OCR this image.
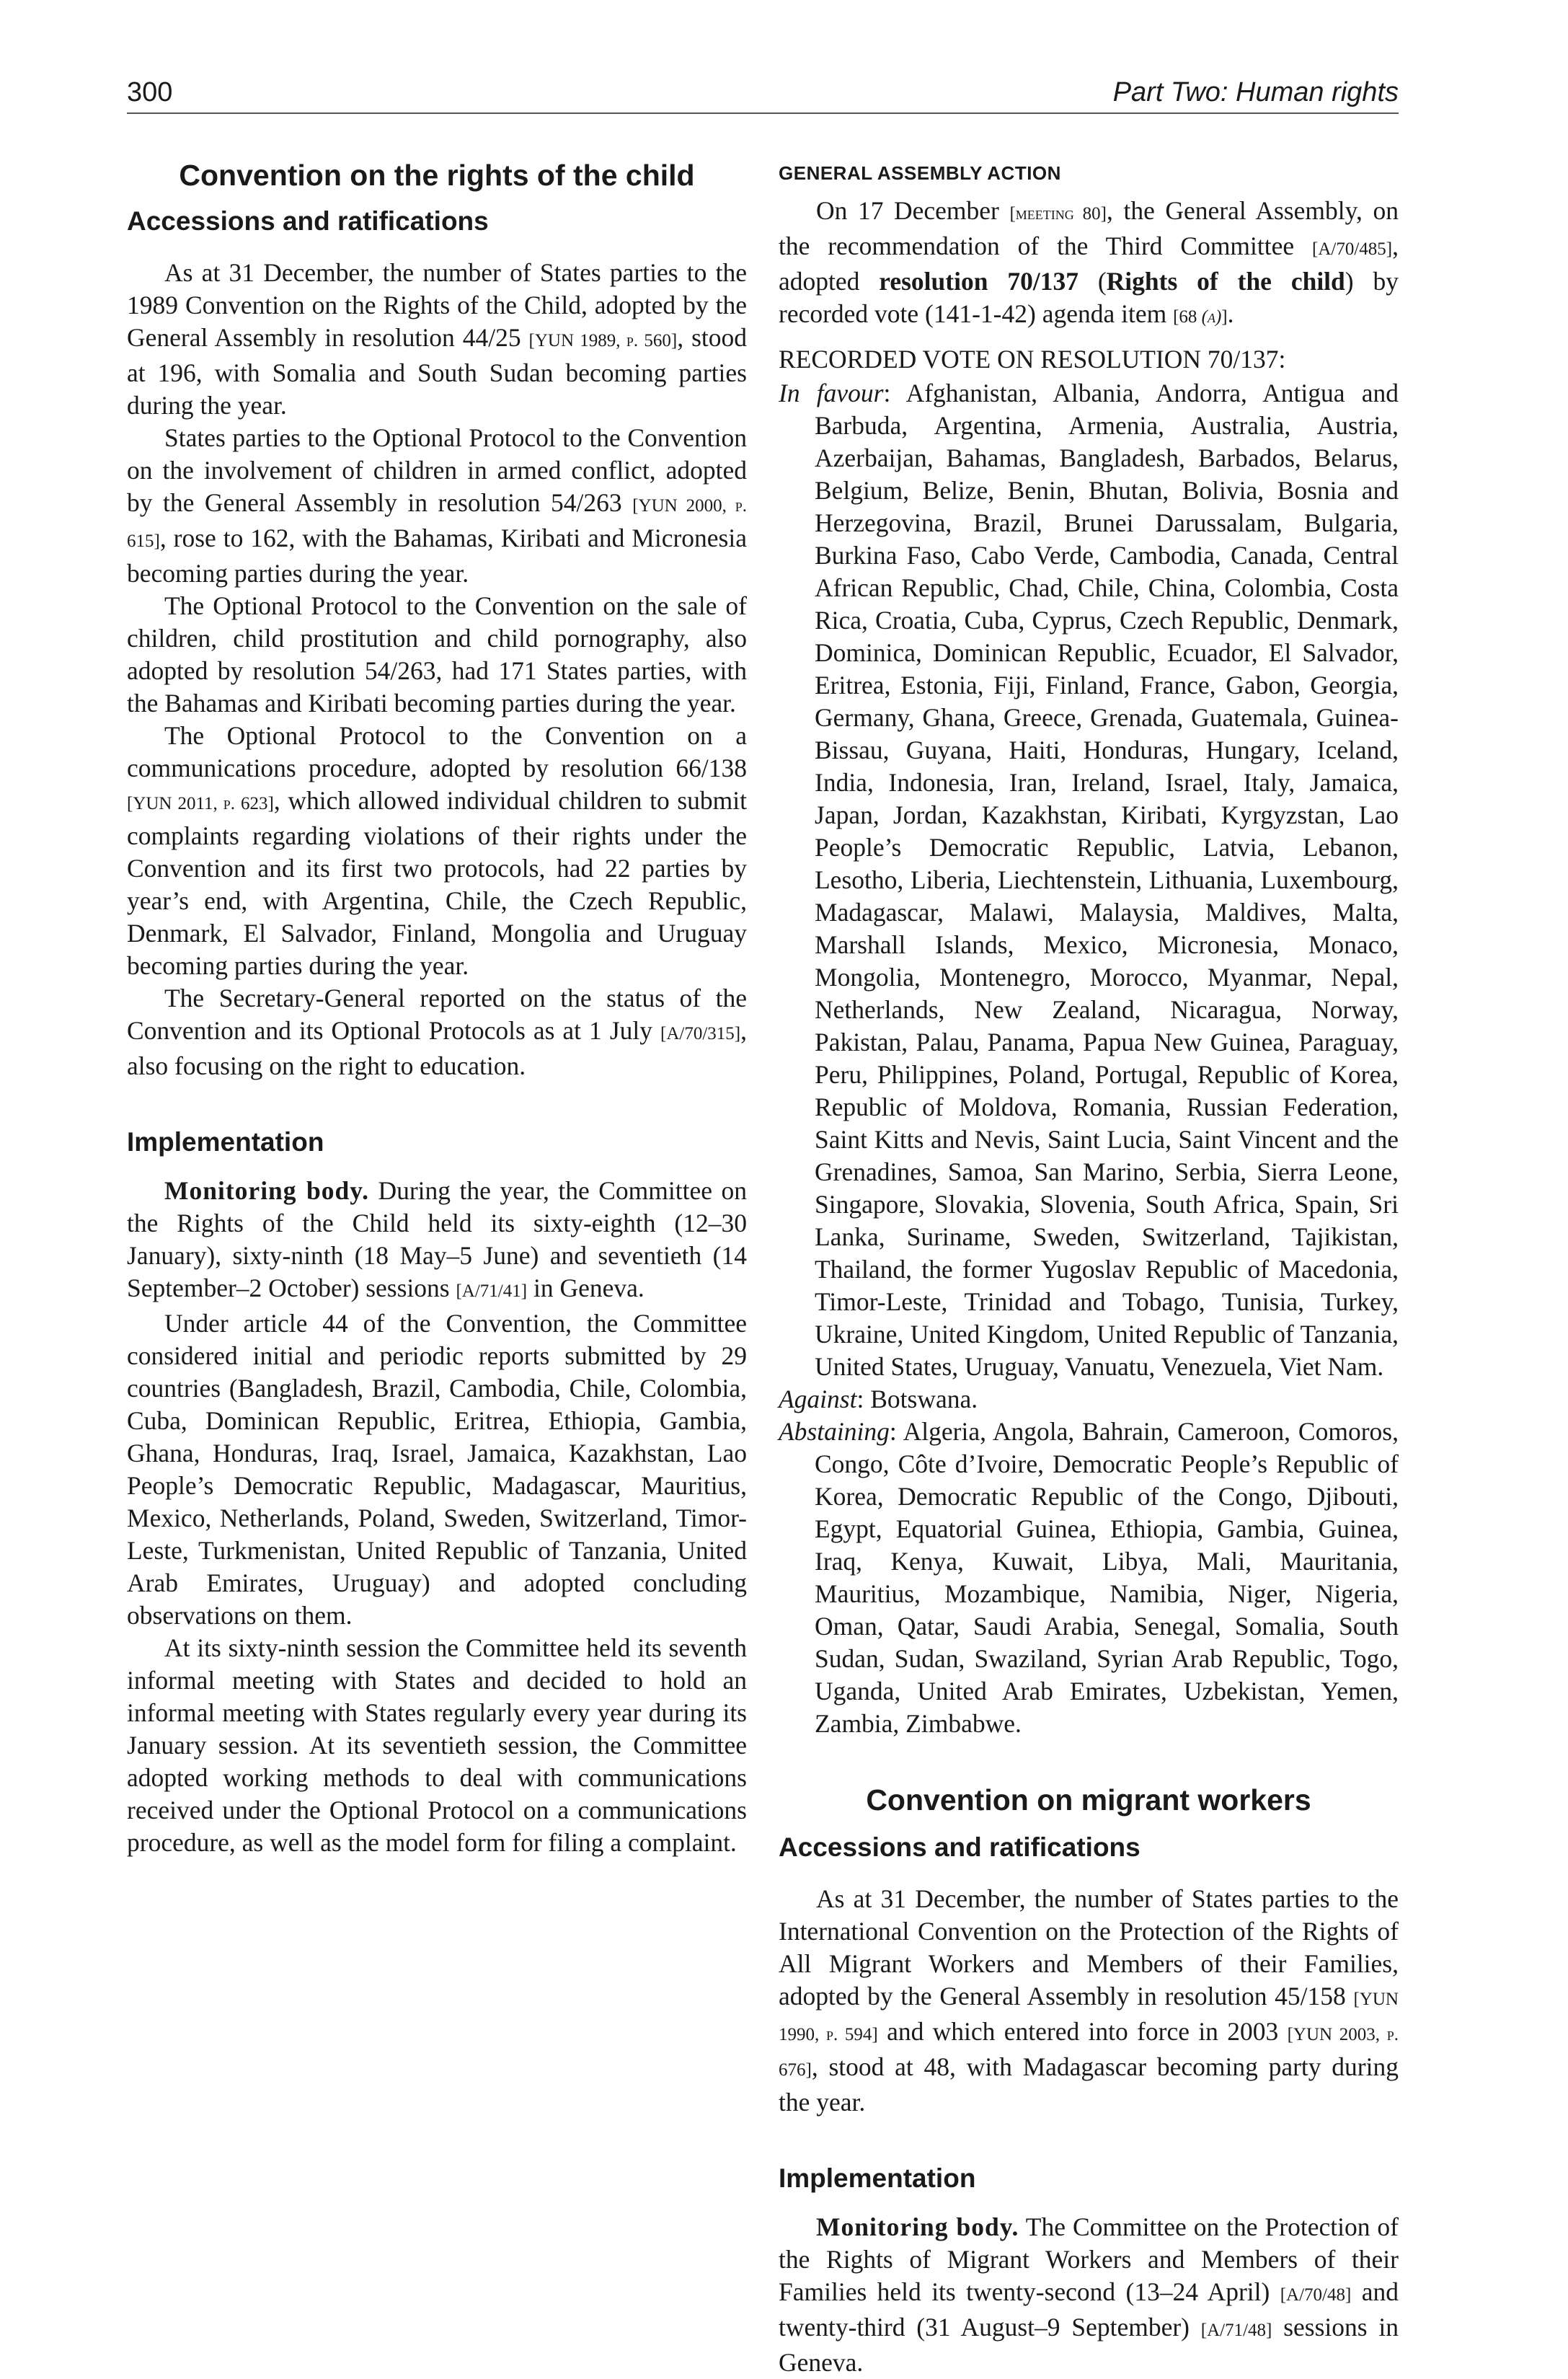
300	Part Two: Human rights
Convention on the rights of the child
Accessions and ratifications

As at 31 December, the number of States parties to the 1989 Convention on the Rights of the Child, adopted by the General Assembly in resolution 44/25 [YUN 1989, p. 560], stood at 196, with Somalia and South Sudan becoming parties during the year.

States parties to the Optional Protocol to the Convention on the involvement of children in armed conflict, adopted by the General Assembly in resolution 54/263 [YUN 2000, p. 615], rose to 162, with the Bahamas, Kiribati and Micronesia becoming parties during the year.

The Optional Protocol to the Convention on the sale of children, child prostitution and child pornography, also adopted by resolution 54/263, had 171 States parties, with the Bahamas and Kiribati becoming parties during the year.

The Optional Protocol to the Convention on a communications procedure, adopted by resolution 66/138 [YUN 2011, p. 623], which allowed individual children to submit complaints regarding violations of their rights under the Convention and its first two protocols, had 22 parties by year’s end, with Argentina, Chile, the Czech Republic, Denmark, El Salvador, Finland, Mongolia and Uruguay becoming parties during the year.

The Secretary-General reported on the status of the Convention and its Optional Protocols as at 1 July [A/70/315], also focusing on the right to education.

Implementation

Monitoring body. During the year, the Committee on the Rights of the Child held its sixty-eighth (12–30 January), sixty-ninth (18 May–5 June) and seventieth (14 September–2 October) sessions [A/71/41] in Geneva.

Under article 44 of the Convention, the Committee considered initial and periodic reports submitted by 29 countries (Bangladesh, Brazil, Cambodia, Chile, Colombia, Cuba, Dominican Republic, Eritrea, Ethiopia, Gambia, Ghana, Honduras, Iraq, Israel, Jamaica, Kazakhstan, Lao People’s Democratic Republic, Madagascar, Mauritius, Mexico, Netherlands, Poland, Sweden, Switzerland, Timor-Leste, Turkmenistan, United Republic of Tanzania, United Arab Emirates, Uruguay) and adopted concluding observations on them.

At its sixty-ninth session the Committee held its seventh informal meeting with States and decided to hold an informal meeting with States regularly every year during its January session. At its seventieth session, the Committee adopted working methods to deal with communications received under the Optional Protocol on a communications procedure, as well as the model form for filing a complaint.

GENERAL ASSEMBLY ACTION

On 17 December [meeting 80], the General Assembly, on the recommendation of the Third Committee [A/70/485], adopted resolution 70/137 (Rights of the child) by recorded vote (141-1-42) agenda item [68 (a)].

RECORDED VOTE ON RESOLUTION 70/137:

In favour: Afghanistan, Albania, Andorra, Antigua and Barbuda, Argentina, Armenia, Australia, Austria, Azerbaijan, Bahamas, Bangladesh, Barbados, Belarus, Belgium, Belize, Benin, Bhutan, Bolivia, Bosnia and Herzegovina, Brazil, Brunei Darussalam, Bulgaria, Burkina Faso, Cabo Verde, Cambodia, Canada, Central African Republic, Chad, Chile, China, Colombia, Costa Rica, Croatia, Cuba, Cyprus, Czech Republic, Denmark, Dominica, Dominican Republic, Ecuador, El Salvador, Eritrea, Estonia, Fiji, Finland, France, Gabon, Georgia, Germany, Ghana, Greece, Grenada, Guatemala, Guinea-Bissau, Guyana, Haiti, Honduras, Hungary, Iceland, India, Indonesia, Iran, Ireland, Israel, Italy, Jamaica, Japan, Jordan, Kazakhstan, Kiribati, Kyrgyzstan, Lao People’s Democratic Republic, Latvia, Lebanon, Lesotho, Liberia, Liechtenstein, Lithuania, Luxembourg, Madagascar, Malawi, Malaysia, Maldives, Malta, Marshall Islands, Mexico, Micronesia, Monaco, Mongolia, Montenegro, Morocco, Myanmar, Nepal, Netherlands, New Zealand, Nicaragua, Norway, Pakistan, Palau, Panama, Papua New Guinea, Paraguay, Peru, Philippines, Poland, Portugal, Republic of Korea, Republic of Moldova, Romania, Russian Federation, Saint Kitts and Nevis, Saint Lucia, Saint Vincent and the Grenadines, Samoa, San Marino, Serbia, Sierra Leone, Singapore, Slovakia, Slovenia, South Africa, Spain, Sri Lanka, Suriname, Sweden, Switzerland, Tajikistan, Thailand, the former Yugoslav Republic of Macedonia, Timor-Leste, Trinidad and Tobago, Tunisia, Turkey, Ukraine, United Kingdom, United Republic of Tanzania, United States, Uruguay, Vanuatu, Venezuela, Viet Nam.

Against: Botswana.

Abstaining: Algeria, Angola, Bahrain, Cameroon, Comoros, Congo, Côte d’Ivoire, Democratic People’s Republic of Korea, Democratic Republic of the Congo, Djibouti, Egypt, Equatorial Guinea, Ethiopia, Gambia, Guinea, Iraq, Kenya, Kuwait, Libya, Mali, Mauritania, Mauritius, Mozambique, Namibia, Niger, Nigeria, Oman, Qatar, Saudi Arabia, Senegal, Somalia, South Sudan, Sudan, Swaziland, Syrian Arab Republic, Togo, Uganda, United Arab Emirates, Uzbekistan, Yemen, Zambia, Zimbabwe.

Convention on migrant workers
Accessions and ratifications

As at 31 December, the number of States parties to the International Convention on the Protection of the Rights of All Migrant Workers and Members of their Families, adopted by the General Assembly in resolution 45/158 [YUN 1990, p. 594] and which entered into force in 2003 [YUN 2003, p. 676], stood at 48, with Madagascar becoming party during the year.

Implementation

Monitoring body. The Committee on the Protection of the Rights of Migrant Workers and Members of their Families held its twenty-second (13–24 April) [A/70/48] and twenty-third (31 August–9 September) [A/71/48] sessions in Geneva.
